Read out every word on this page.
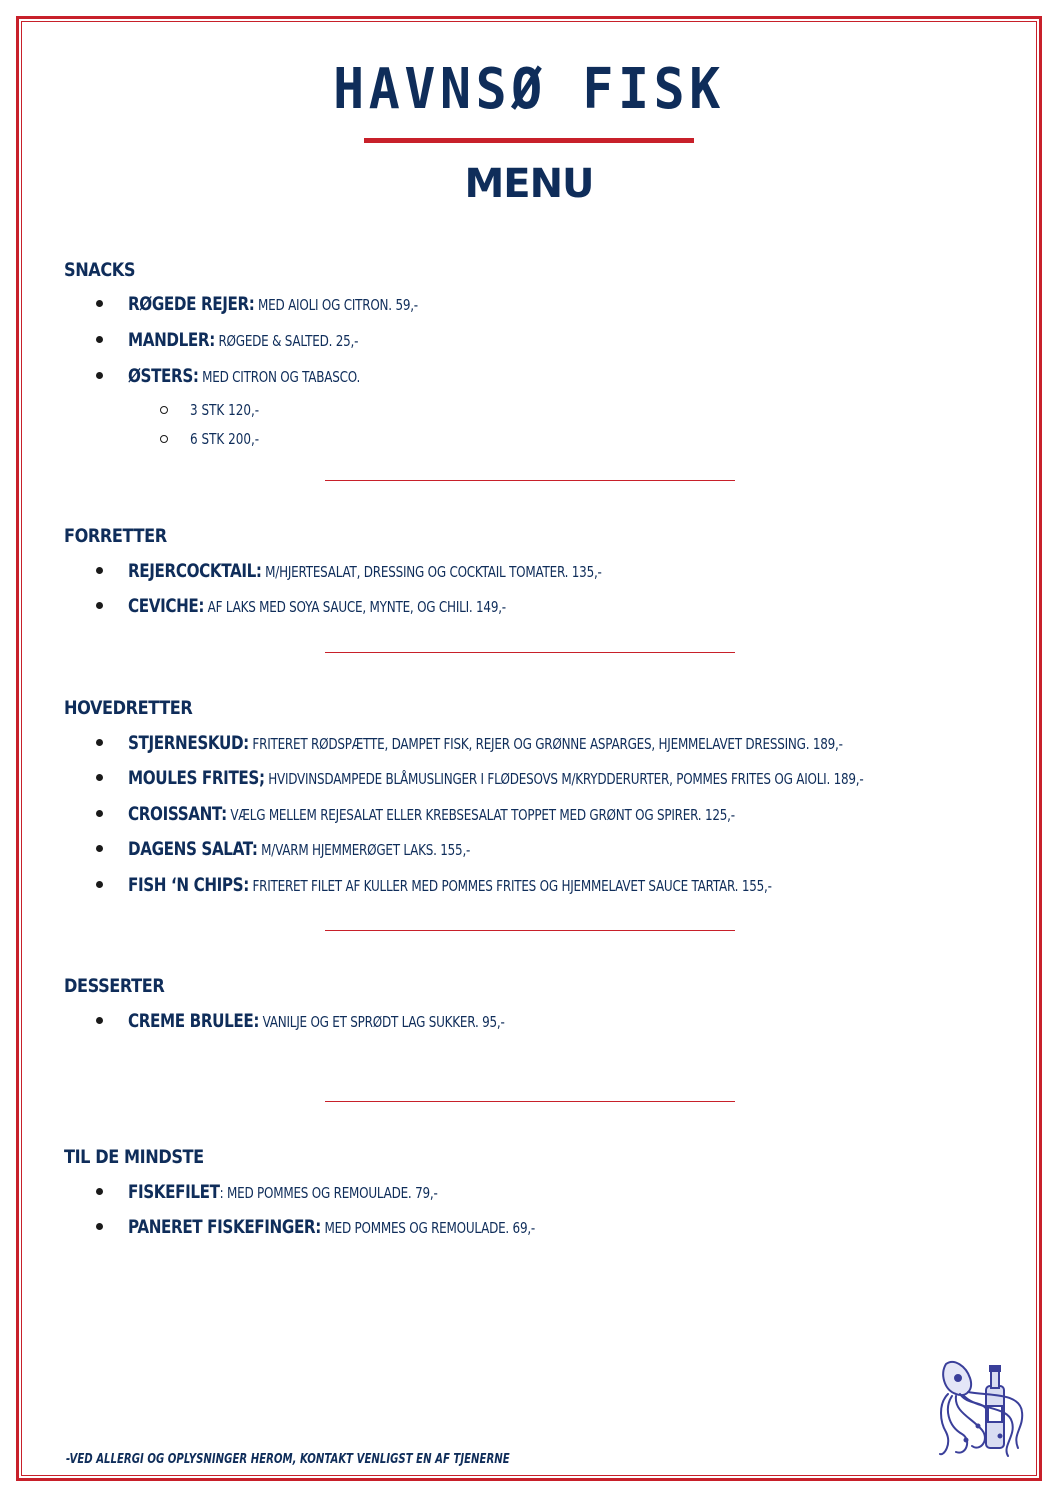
HAVNSØ FISK
MENU
SNACKS
RØGEDE REJER: MED AIOLI OG CITRON. 59,-
MANDLER: RØGEDE & SALTED. 25,-
ØSTERS: MED CITRON OG TABASCO.
3 STK 120,-
6 STK 200,-
FORRETTER
REJERCOCKTAIL: M/HJERTESALAT, DRESSING OG COCKTAIL TOMATER. 135,-
CEVICHE: AF LAKS MED SOYA SAUCE, MYNTE, OG CHILI. 149,-
HOVEDRETTER
STJERNESKUD: FRITERET RØDSPÆTTE, DAMPET FISK, REJER OG GRØNNE ASPARGES, HJEMMELAVET DRESSING. 189,-
MOULES FRITES; HVIDVINSDAMPEDE BLÅMUSLINGER I FLØDESOVS M/KRYDDERURTER, POMMES FRITES OG AIOLI. 189,-
CROISSANT: VÆLG MELLEM REJESALAT ELLER KREBSESALAT TOPPET MED GRØNT OG SPIRER. 125,-
DAGENS SALAT: M/VARM HJEMMERØGET LAKS. 155,-
FISH ‘N CHIPS: FRITERET FILET AF KULLER MED POMMES FRITES OG HJEMMELAVET SAUCE TARTAR. 155,-
DESSERTER
CREME BRULEE: VANILJE OG ET SPRØDT LAG SUKKER. 95,-
TIL DE MINDSTE
FISKEFILET: MED POMMES OG REMOULADE. 79,-
PANERET FISKEFINGER: MED POMMES OG REMOULADE. 69,-
-VED ALLERGI OG OPLYSNINGER HEROM, KONTAKT VENLIGST EN AF TJENERNE
